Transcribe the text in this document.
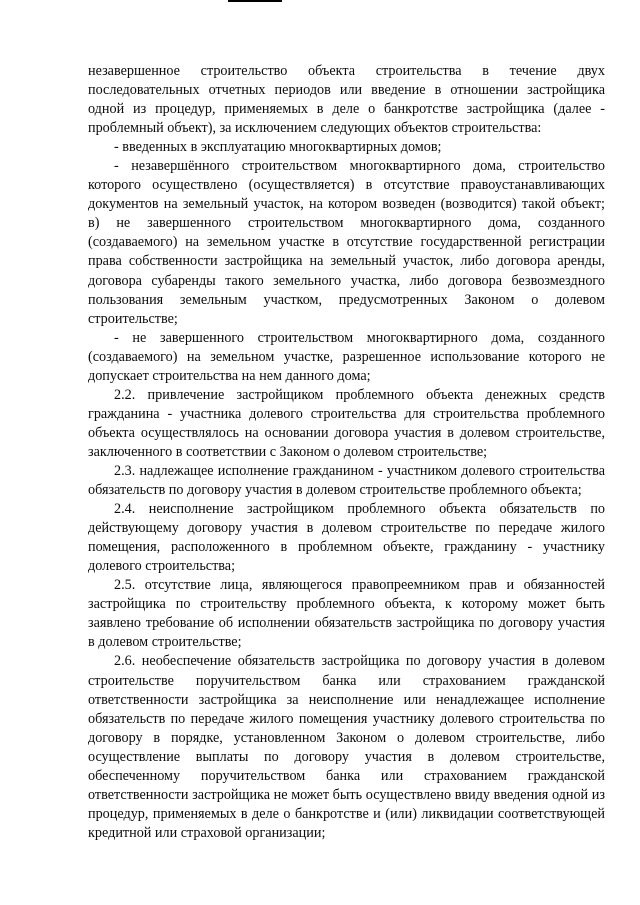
незавершенное строительство объекта строительства в течение двух последовательных отчетных периодов или введение в отношении застройщика одной из процедур, применяемых в деле о банкротстве застройщика (далее - проблемный объект), за исключением следующих объектов строительства:

- введенных в эксплуатацию многоквартирных домов;

- незавершённого строительством многоквартирного дома, строительство которого осуществлено (осуществляется) в отсутствие правоустанавливающих документов на земельный участок, на котором возведен (возводится) такой объект; в) не завершенного строительством многоквартирного дома, созданного (создаваемого) на земельном участке в отсутствие государственной регистрации права собственности застройщика на земельный участок, либо договора аренды, договора субаренды такого земельного участка, либо договора безвозмездного пользования земельным участком, предусмотренных Законом о долевом строительстве;

- не завершенного строительством многоквартирного дома, созданного (создаваемого) на земельном участке, разрешенное использование которого не допускает строительства на нем данного дома;

2.2. привлечение застройщиком проблемного объекта денежных средств гражданина - участника долевого строительства для строительства проблемного объекта осуществлялось на основании договора участия в долевом строительстве, заключенного в соответствии с Законом о долевом строительстве;

2.3. надлежащее исполнение гражданином - участником долевого строительства обязательств по договору участия в долевом строительстве проблемного объекта;

2.4. неисполнение застройщиком проблемного объекта обязательств по действующему договору участия в долевом строительстве по передаче жилого помещения, расположенного в проблемном объекте, гражданину - участнику долевого строительства;

2.5. отсутствие лица, являющегося правопреемником прав и обязанностей застройщика по строительству проблемного объекта, к которому может быть заявлено требование об исполнении обязательств застройщика по договору участия в долевом строительстве;

2.6. необеспечение обязательств застройщика по договору участия в долевом строительстве поручительством банка или страхованием гражданской ответственности застройщика за неисполнение или ненадлежащее исполнение обязательств по передаче жилого помещения участнику долевого строительства по договору в порядке, установленном Законом о долевом строительстве, либо осуществление выплаты по договору участия в долевом строительстве, обеспеченному поручительством банка или страхованием гражданской ответственности застройщика не может быть осуществлено ввиду введения одной из процедур, применяемых в деле о банкротстве и (или) ликвидации соответствующей кредитной или страховой организации;
